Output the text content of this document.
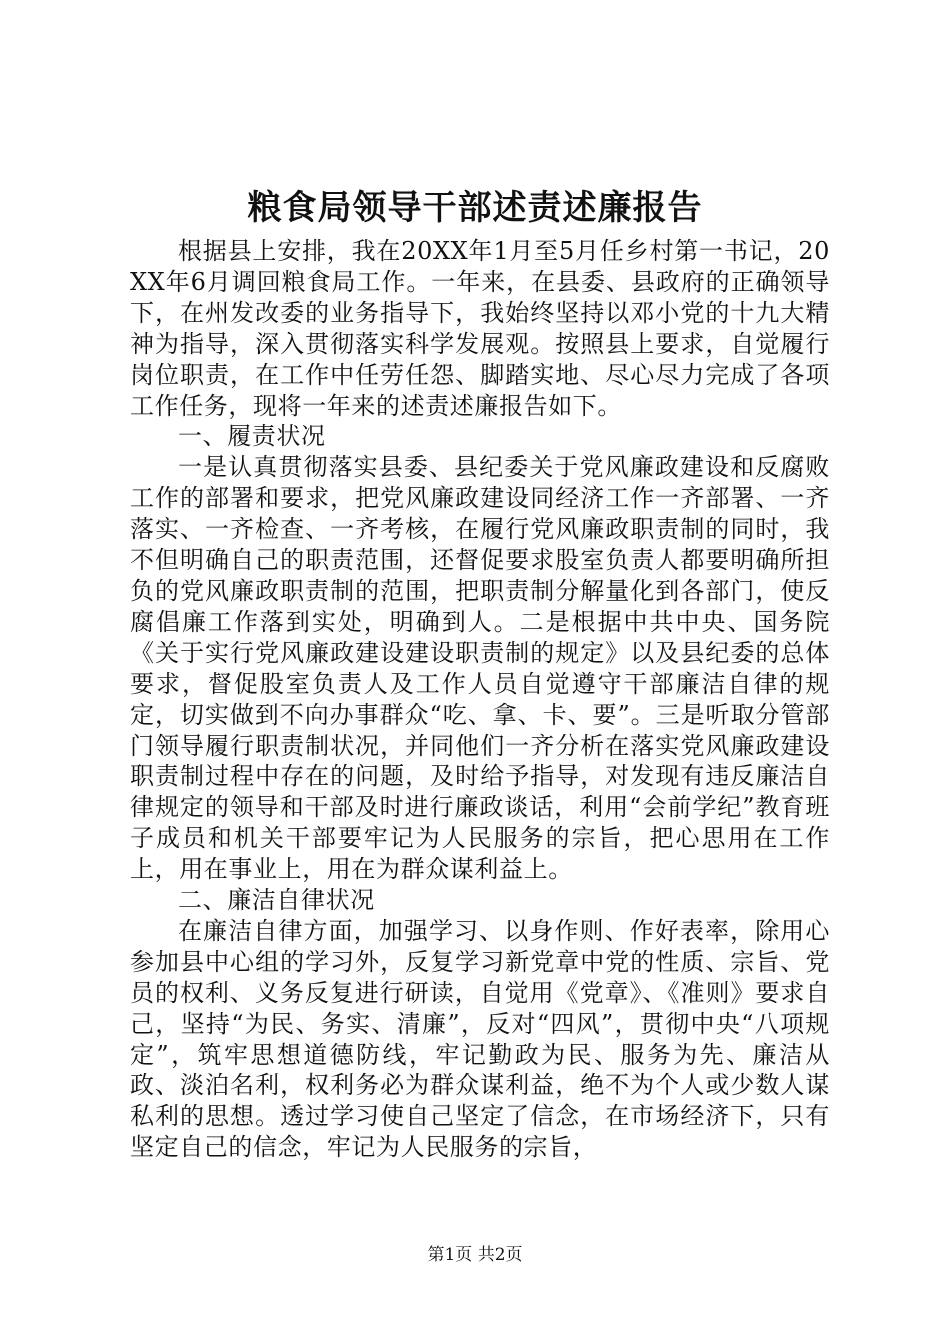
粮食局领导干部述责述廉报告

根据县上安排，我在20XX年1月至5月任乡村第一书记，20XX年6月调回粮食局工作。一年来，在县委、县政府的正确领导下，在州发改委的业务指导下，我始终坚持以邓小党的十九大精神为指导，深入贯彻落实科学发展观。按照县上要求，自觉履行岗位职责，在工作中任劳任怨、脚踏实地、尽心尽力完成了各项工作任务，现将一年来的述责述廉报告如下。

一、履责状况

一是认真贯彻落实县委、县纪委关于党风廉政建设和反腐败工作的部署和要求，把党风廉政建设同经济工作一齐部署、一齐落实、一齐检查、一齐考核，在履行党风廉政职责制的同时，我不但明确自己的职责范围，还督促要求股室负责人都要明确所担负的党风廉政职责制的范围，把职责制分解量化到各部门，使反腐倡廉工作落到实处，明确到人。二是根据中共中央、国务院《关于实行党风廉政建设建设职责制的规定》以及县纪委的总体要求，督促股室负责人及工作人员自觉遵守干部廉洁自律的规定，切实做到不向办事群众“吃、拿、卡、要”。三是听取分管部门领导履行职责制状况，并同他们一齐分析在落实党风廉政建设职责制过程中存在的问题，及时给予指导，对发现有违反廉洁自律规定的领导和干部及时进行廉政谈话，利用“会前学纪”教育班子成员和机关干部要牢记为人民服务的宗旨，把心思用在工作上，用在事业上，用在为群众谋利益上。

二、廉洁自律状况

在廉洁自律方面，加强学习、以身作则、作好表率，除用心参加县中心组的学习外，反复学习新党章中党的性质、宗旨、党员的权利、义务反复进行研读，自觉用《党章》、《准则》要求自己，坚持“为民、务实、清廉”，反对“四风”，贯彻中央“八项规定”，筑牢思想道德防线，牢记勤政为民、服务为先、廉洁从政、淡泊名利，权利务必为群众谋利益，绝不为个人或少数人谋私利的思想。透过学习使自己坚定了信念，在市场经济下，只有坚定自己的信念，牢记为人民服务的宗旨，

第1页 共2页
